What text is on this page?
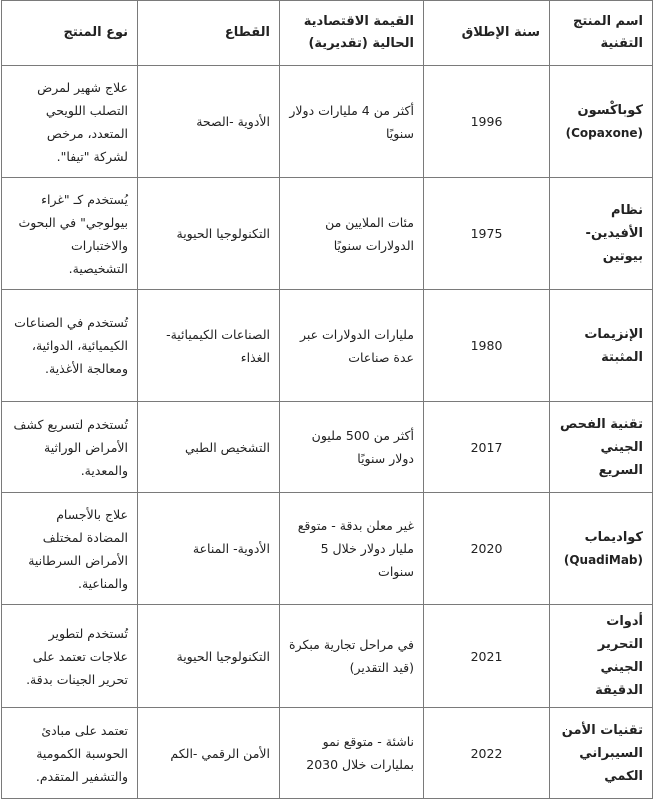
اسم المنتج التقنية	سنة الإطلاق	القيمة الاقتصادية الحالية (تقديرية)	القطاع	نوع المنتج
كوباكْسون
(Copaxone)	1996	أكثر من 4 مليارات دولار سنويًا	الأدوية -الصحة	علاج شهير لمرض التصلب اللويحي المتعدد، مرخص لشركة "تيفا".
نظام الأفيدين-بيوتين	1975	مئات الملايين من الدولارات سنويًا	التكنولوجيا الحيوية	يُستخدم كـ "غراء بيولوجي" في البحوث والاختبارات التشخيصية.
الإنزيمات المثبتة	1980	مليارات الدولارات عبر عدة صناعات	الصناعات الكيميائية- الغذاء	تُستخدم في الصناعات الكيميائية، الدوائية، ومعالجة الأغذية.
تقنية الفحص الجيني السريع	2017	أكثر من 500 مليون دولار سنويًا	التشخيص الطبي	تُستخدم لتسريع كشف الأمراض الوراثية والمعدية.
كواديماب
(QuadiMab)	2020	غير معلن بدقة - متوقع مليار دولار خلال 5 سنوات	الأدوية- المناعة	علاج بالأجسام المضادة لمختلف الأمراض السرطانية والمناعية.
أدوات التحرير الجيني الدقيقة	2021	في مراحل تجارية مبكرة (قيد التقدير)	التكنولوجيا الحيوية	تُستخدم لتطوير علاجات تعتمد على تحرير الجينات بدقة.
تقنيات الأمن السيبراني الكمي	2022	ناشئة - متوقع نمو بمليارات خلال 2030	الأمن الرقمي -الكم	تعتمد على مبادئ الحوسبة الكمومية والتشفير المتقدم.
